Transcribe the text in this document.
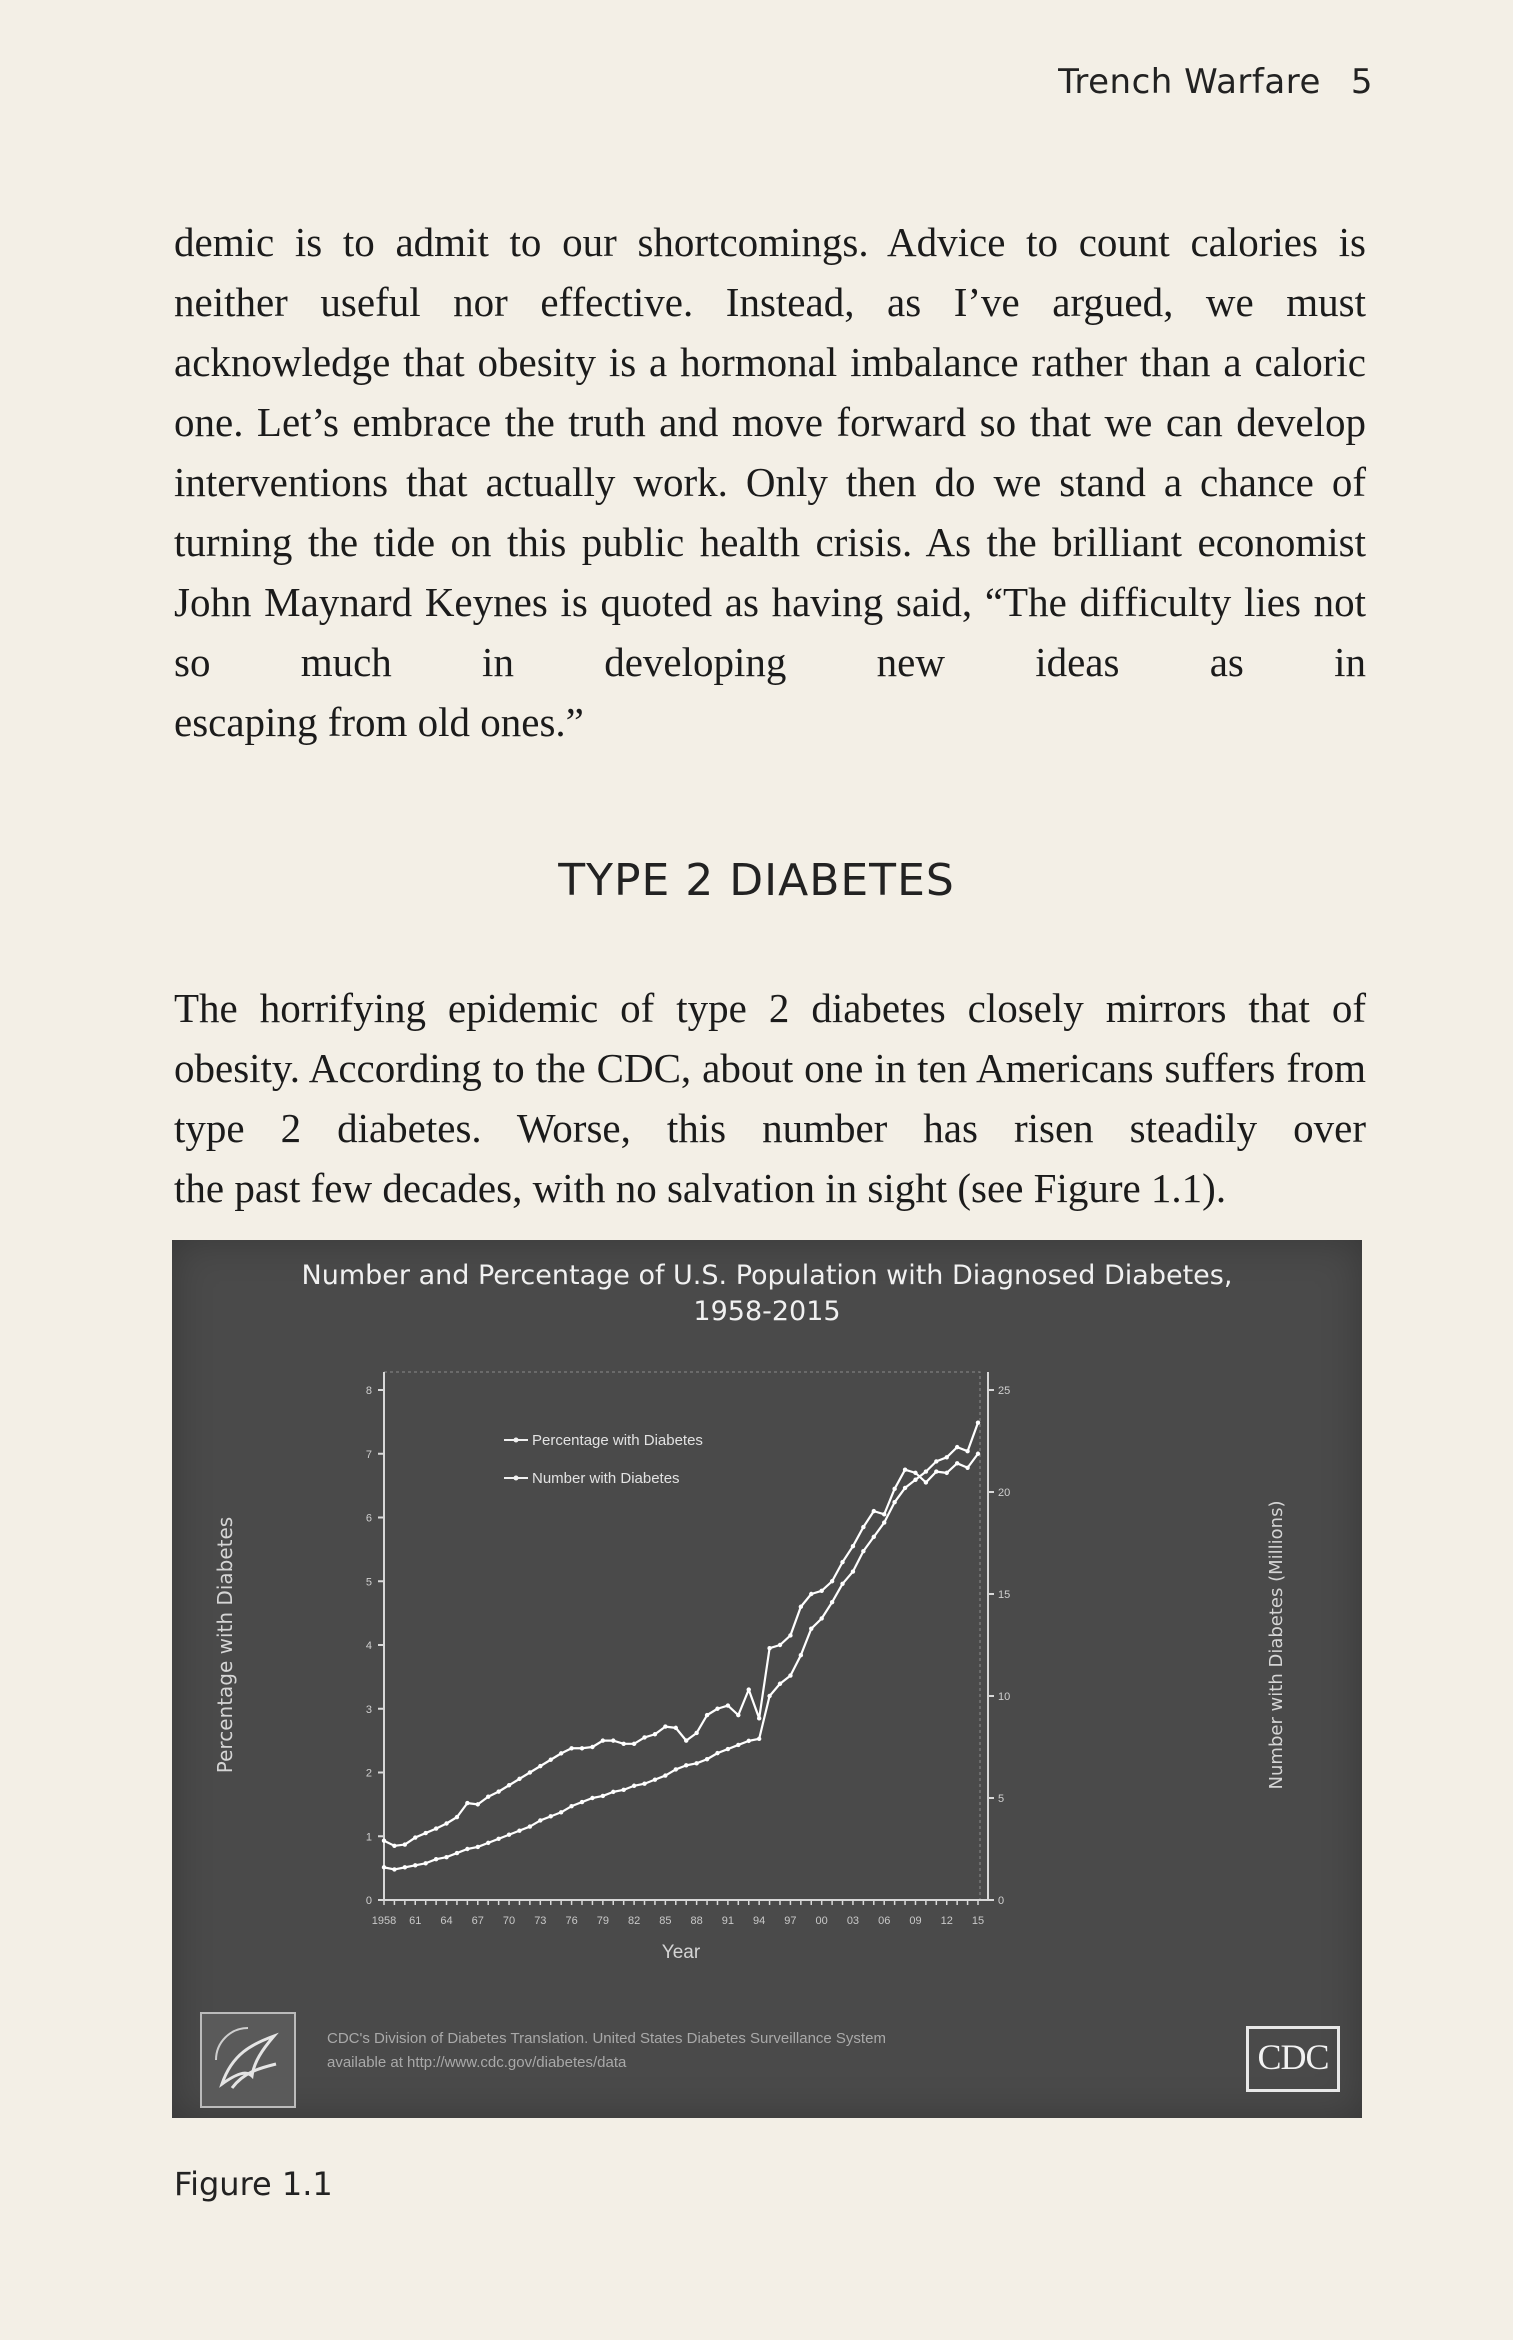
Trench Warfare 5

demic is to admit to our shortcomings. Advice to count calories is neither useful nor effective. Instead, as I’ve argued, we must acknowledge that obesity is a hormonal imbalance rather than a caloric one. Let’s embrace the truth and move forward so that we can develop interventions that actually work. Only then do we stand a chance of turning the tide on this public health crisis. As the brilliant economist John Maynard Keynes is quoted as having said, “The difficulty lies not so much in developing new ideas as in
escaping from old ones.”

TYPE 2 DIABETES

The horrifying epidemic of type 2 diabetes closely mirrors that of obesity. According to the CDC, about one in ten Americans suffers from type 2 diabetes. Worse, this number has risen steadily over
the past few decades, with no salvation in sight (see Figure 1.1).

Number and Percentage of U.S. Population with Diagnosed Diabetes,
1958-2015
0
1
2
3
4
5
6
7
8
0
5
10
15
20
25
1958 61 64 67 70 73 76 79 82 85 88 91 94 97 00 03 06 09 12 15
Percentage with Diabetes
Number with Diabetes
Year
Percentage with Diabetes	Number with Diabetes (Millions)
CDC's Division of Diabetes Translation. United States Diabetes Surveillance System
available at http://www.cdc.gov/diabetes/data	CDC
Figure 1.1
